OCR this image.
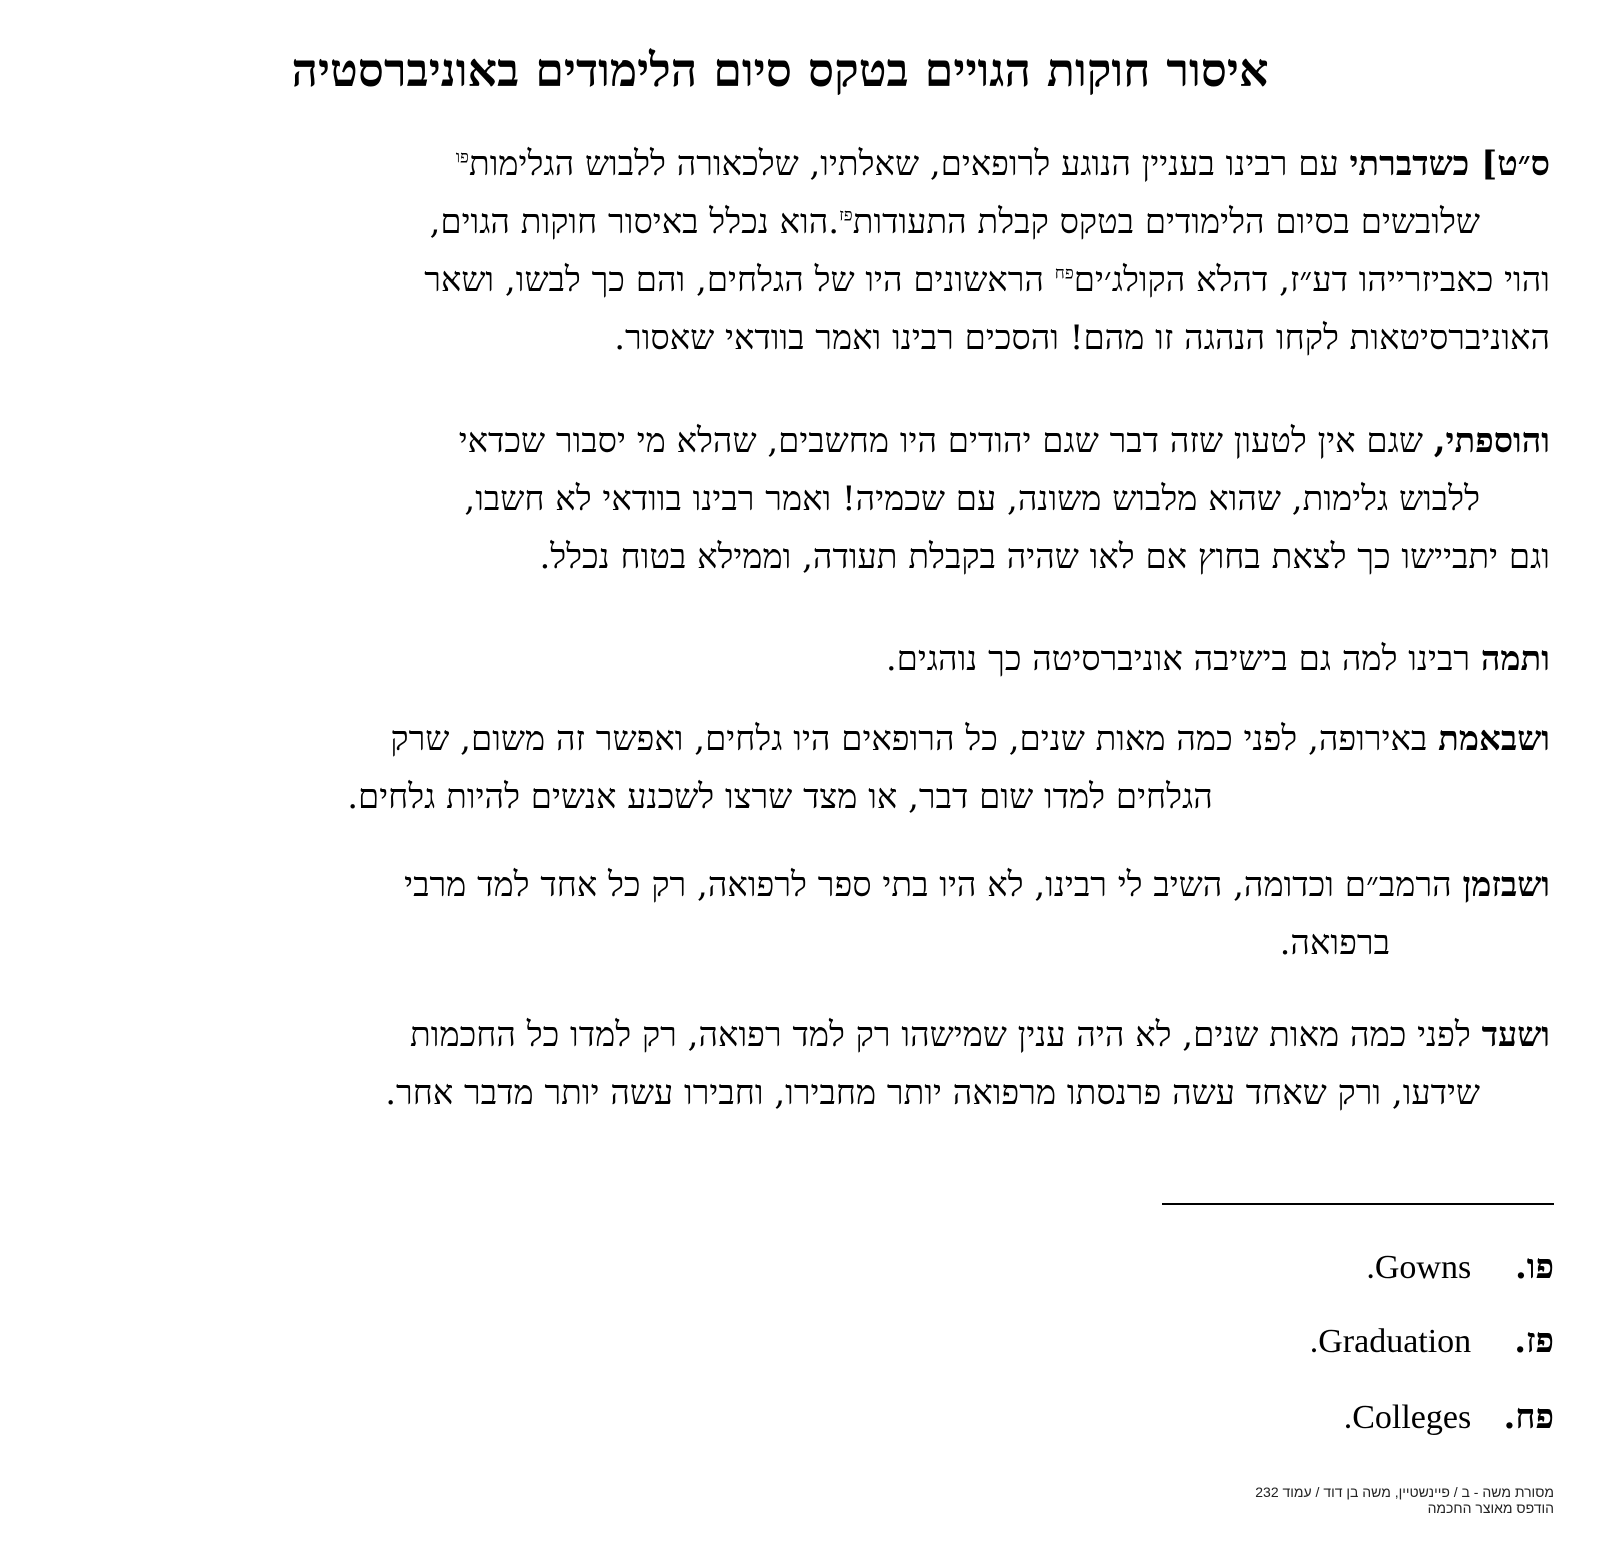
איסור חוקות הגויים בטקס סיום הלימודים באוניברסטיה
ס״ט] כשדברתי עם רבינו בעניין הנוגע לרופאים, שאלתיו, שלכאורה ללבוש הגלימות$^{פו}$
שלובשים בסיום הלימודים בטקס קבלת התעודות$^{פז}$.הוא נכלל באיסור חוקות הגוים,
והוי כאביזרייהו דע״ז, דהלא הקולג׳ים$^{פח}$ הראשונים היו של הגלחים, והם כך לבשו, ושאר
האוניברסיטאות לקחו הנהגה זו מהם! והסכים רבינו ואמר בוודאי שאסור.
והוספתי, שגם אין לטעון שזה דבר שגם יהודים היו מחשבים, שהלא מי יסבור שכדאי
ללבוש גלימות, שהוא מלבוש משונה, עם שכמיה! ואמר רבינו בוודאי לא חשבו,
וגם יתביישו כך לצאת בחוץ אם לאו שהיה בקבלת תעודה, וממילא בטוח נכלל.
ותמה רבינו למה גם בישיבה אוניברסיטה כך נוהגים.
ושבאמת באירופה, לפני כמה מאות שנים, כל הרופאים היו גלחים, ואפשר זה משום, שרק
הגלחים למדו שום דבר, או מצד שרצו לשכנע אנשים להיות גלחים.
ושבזמן הרמב״ם וכדומה, השיב לי רבינו, לא היו בתי ספר לרפואה, רק כל אחד למד מרבי
ברפואה.
ושעד לפני כמה מאות שנים, לא היה ענין שמישהו רק למד רפואה, רק למדו כל החכמות
שידעו, ורק שאחד עשה פרנסתו מרפואה יותר מחבירו, וחבירו עשה יותר מדבר אחר.
פו. .Gowns
פז. .Graduation
פח. .Colleges
מסורת משה - ב / פיינשטיין, משה בן דוד / עמוד 232
הודפס מאוצר החכמה
